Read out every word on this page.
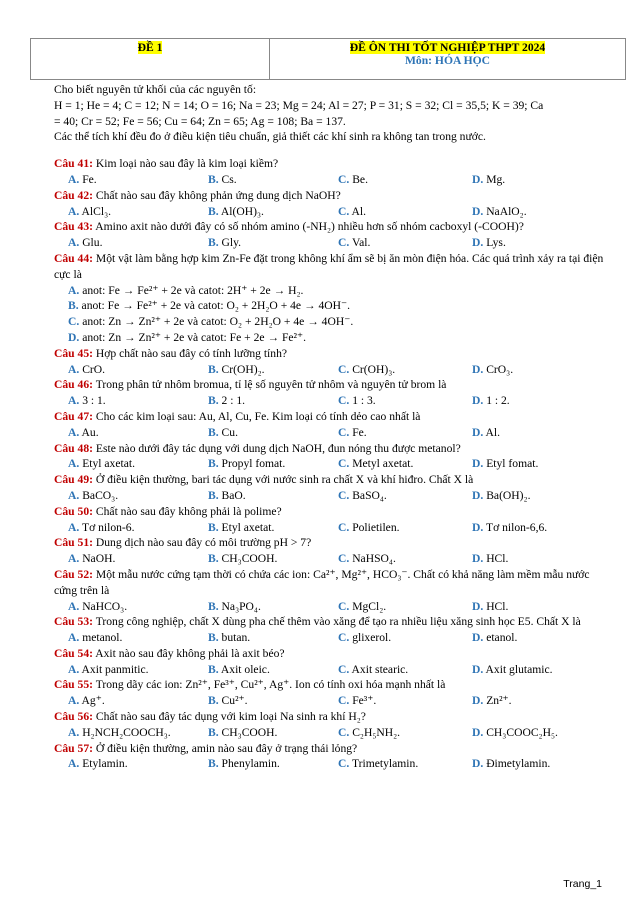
ĐỀ 1	ĐỀ ÔN THI TỐT NGHIỆP THPT 2024
Môn: HÓA HỌC

Cho biết nguyên tử khối của các nguyên tố:

H = 1; He = 4; C = 12; N = 14; O = 16; Na = 23; Mg = 24; Al = 27; P = 31; S = 32; Cl = 35,5; K = 39; Ca

= 40; Cr = 52; Fe = 56; Cu = 64; Zn = 65; Ag = 108; Ba = 137.

Các thể tích khí đều đo ở điều kiện tiêu chuẩn, giả thiết các khí sinh ra không tan trong nước.

Câu 41: Kim loại nào sau đây là kim loại kiềm?
A. Fe.	B. Cs.	C. Be.	D. Mg.
Câu 42: Chất nào sau đây không phản ứng dung dịch NaOH?
A. AlCl₃.	B. Al(OH)₃.	C. Al.	D. NaAlO₂.
Câu 43: Amino axit nào dưới đây có số nhóm amino (-NH₂) nhiều hơn số nhóm cacboxyl (-COOH)?
A. Glu.	B. Gly.	C. Val.	D. Lys.
Câu 44: Một vật làm bằng hợp kim Zn-Fe đặt trong không khí ẩm sẽ bị ăn mòn điện hóa. Các quá trình xảy ra tại điện cực là
A. anot: Fe → Fe²⁺ + 2e và catot: 2H⁺ + 2e → H₂.
B. anot: Fe → Fe²⁺ + 2e và catot: O₂ + 2H₂O + 4e → 4OH⁻.
C. anot: Zn → Zn²⁺ + 2e và catot: O₂ + 2H₂O + 4e → 4OH⁻.
D. anot: Zn → Zn²⁺ + 2e và catot: Fe + 2e → Fe²⁺.
Câu 45: Hợp chất nào sau đây có tính lưỡng tính?
A. CrO.	B. Cr(OH)₂.	C. Cr(OH)₃.	D. CrO₃.
Câu 46: Trong phân tử nhôm bromua, tỉ lệ số nguyên tử nhôm và nguyên tử brom là
A. 3 : 1.	B. 2 : 1.	C. 1 : 3.	D. 1 : 2.
Câu 47: Cho các kim loại sau: Au, Al, Cu, Fe. Kim loại có tính dẻo cao nhất là
A. Au.	B. Cu.	C. Fe.	D. Al.
Câu 48: Este nào dưới đây tác dụng với dung dịch NaOH, đun nóng thu được metanol?
A. Etyl axetat.	B. Propyl fomat.	C. Metyl axetat.	D. Etyl fomat.
Câu 49: Ở điều kiện thường, bari tác dụng với nước sinh ra chất X và khí hiđro. Chất X là
A. BaCO₃.	B. BaO.	C. BaSO₄.	D. Ba(OH)₂.
Câu 50: Chất nào sau đây không phải là polime?
A. Tơ nilon-6.	B. Etyl axetat.	C. Polietilen.	D. Tơ nilon-6,6.
Câu 51: Dung dịch nào sau đây có môi trường pH > 7?
A. NaOH.	B. CH₃COOH.	C. NaHSO₄.	D. HCl.
Câu 52: Một mẫu nước cứng tạm thời có chứa các ion: Ca²⁺, Mg²⁺, HCO₃⁻. Chất có khả năng làm mềm mẫu nước cứng trên là
A. NaHCO₃.	B. Na₃PO₄.	C. MgCl₂.	D. HCl.
Câu 53: Trong công nghiệp, chất X dùng pha chế thêm vào xăng để tạo ra nhiều liệu xăng sinh học E5. Chất X là
A. metanol.	B. butan.	C. glixerol.	D. etanol.
Câu 54: Axit nào sau đây không phải là axit béo?
A. Axit panmitic.	B. Axit oleic.	C. Axit stearic.	D. Axit glutamic.
Câu 55: Trong dãy các ion: Zn²⁺, Fe³⁺, Cu²⁺, Ag⁺. Ion có tính oxi hóa mạnh nhất là
A. Ag⁺.	B. Cu²⁺.	C. Fe³⁺.	D. Zn²⁺.
Câu 56: Chất nào sau đây tác dụng với kim loại Na sinh ra khí H₂?
A. H₂NCH₂COOCH₃.	B. CH₃COOH.	C. C₂H₅NH₂.	D. CH₃COOC₂H₅.
Câu 57: Ở điều kiện thường, amin nào sau đây ở trạng thái lỏng?
A. Etylamin.	B. Phenylamin.	C. Trimetylamin.	D. Đimetylamin.
Trang_1
